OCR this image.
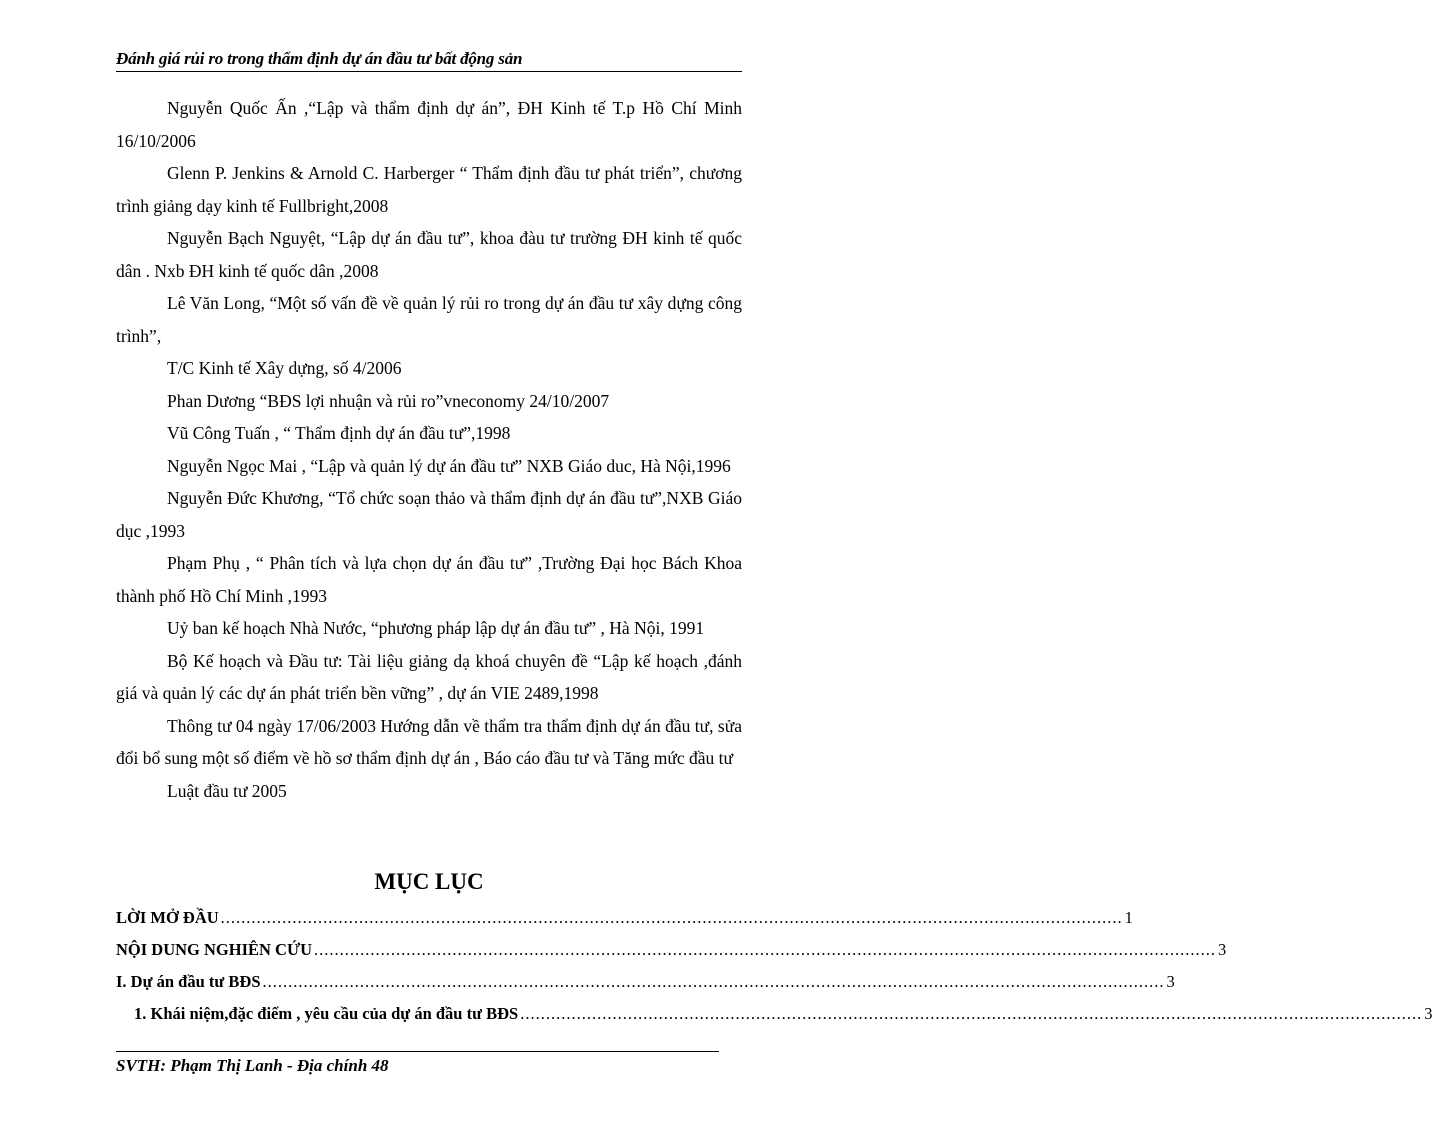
Đánh giá rủi ro trong thẩm định dự án đầu tư bất động sản

Nguyễn Quốc Ấn ,“Lập và thẩm định dự án”, ĐH Kinh tế T.p Hồ Chí Minh 16/10/2006

Glenn P. Jenkins & Arnold C. Harberger “ Thẩm định đầu tư phát triển”, chương trình giảng dạy kinh tế Fullbright,2008

Nguyễn Bạch Nguyệt, “Lập dự án đầu tư”, khoa đàu tư trường ĐH kinh tế quốc dân . Nxb ĐH kinh tế quốc dân ,2008

Lê Văn Long, “Một số vấn đề về quản lý rủi ro trong dự án đầu tư xây dựng công trình”,

T/C Kinh tế Xây dựng, số 4/2006

Phan Dương “BĐS lợi nhuận và rủi ro”vneconomy 24/10/2007

Vũ Công Tuấn , “ Thẩm định dự án đầu tư”,1998

Nguyễn Ngọc Mai , “Lập và quản lý dự án đầu tư” NXB Giáo duc, Hà Nội,1996

Nguyễn Đức Khương, “Tổ chức soạn thảo và thẩm định dự án đầu tư”,NXB Giáo dục ,1993

Phạm Phụ , “ Phân tích và lựa chọn dự án đầu tư” ,Trường Đại học Bách Khoa thành phố Hồ Chí Minh ,1993

Uỷ ban kế hoạch Nhà Nước, “phương pháp lập dự án đầu tư” , Hà Nội, 1991

Bộ Kế hoạch và Đầu tư: Tài liệu giảng dạ khoá chuyên đề “Lập kế hoạch ,đánh giá và quản lý các dự án phát triển bền vững” , dự án VIE 2489,1998

Thông tư 04 ngày 17/06/2003 Hướng dẫn về thẩm tra thẩm định dự án đầu tư, sửa đổi bổ sung một số điểm về hồ sơ thẩm định dự án , Báo cáo đầu tư và Tăng mức đầu tư

Luật đầu tư 2005

MỤC LỤC
LỜI MỞ ĐẦU ................................................................................................................................................................................ 1
NỘI DUNG NGHIÊN CỨU ................................................................................................................................................................................ 3
I. Dự án đầu tư BĐS ................................................................................................................................................................................ 3
1. Khái niệm,đặc điểm , yêu cầu của dự án đầu tư BĐS ................................................................................................................................................................................ 3
SVTH: Phạm Thị Lanh - Địa chính 48
